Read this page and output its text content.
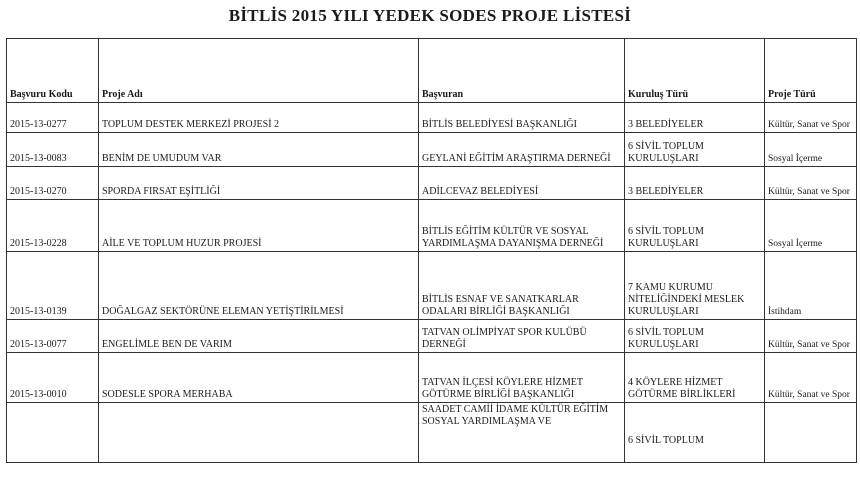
BİTLİS 2015 YILI YEDEK SODES PROJE LİSTESİ
Başvuru Kodu	Proje Adı	Başvuran	Kuruluş Türü	Proje Türü
2015-13-0277	TOPLUM DESTEK MERKEZİ PROJESİ 2	BİTLİS BELEDİYESİ BAŞKANLIĞI	3 BELEDİYELER	Kültür, Sanat ve Spor
2015-13-0083	BENİM DE UMUDUM VAR	GEYLANİ EĞİTİM ARAŞTIRMA DERNEĞİ	6 SİVİL TOPLUM KURULUŞLARI	Sosyal İçerme
2015-13-0270	SPORDA FIRSAT EŞİTLİĞİ	ADİLCEVAZ BELEDİYESİ	3 BELEDİYELER	Kültür, Sanat ve Spor
2015-13-0228	AİLE VE TOPLUM HUZUR PROJESİ	BİTLİS EĞİTİM KÜLTÜR VE SOSYAL YARDIMLAŞMA DAYANIŞMA DERNEĞİ	6 SİVİL TOPLUM KURULUŞLARI	Sosyal İçerme
2015-13-0139	DOĞALGAZ SEKTÖRÜNE ELEMAN YETİŞTİRİLMESİ	BİTLİS ESNAF VE SANATKARLAR ODALARI BİRLİĞİ BAŞKANLIĞI	7 KAMU KURUMU NİTELİĞİNDEKİ MESLEK KURULUŞLARI	İstihdam
2015-13-0077	ENGELİMLE BEN DE VARIM	TATVAN OLİMPİYAT SPOR KULÜBÜ DERNEĞİ	6 SİVİL TOPLUM KURULUŞLARI	Kültür, Sanat ve Spor
2015-13-0010	SODESLE SPORA MERHABA	TATVAN İLÇESİ KÖYLERE HİZMET GÖTÜRME BİRLİĞİ BAŞKANLIĞI	4 KÖYLERE HİZMET GÖTÜRME BİRLİKLERİ	Kültür, Sanat ve Spor
		SAADET CAMİİ İDAME KÜLTÜR EĞİTİM SOSYAL YARDIMLAŞMA VE	6 SİVİL TOPLUM	
